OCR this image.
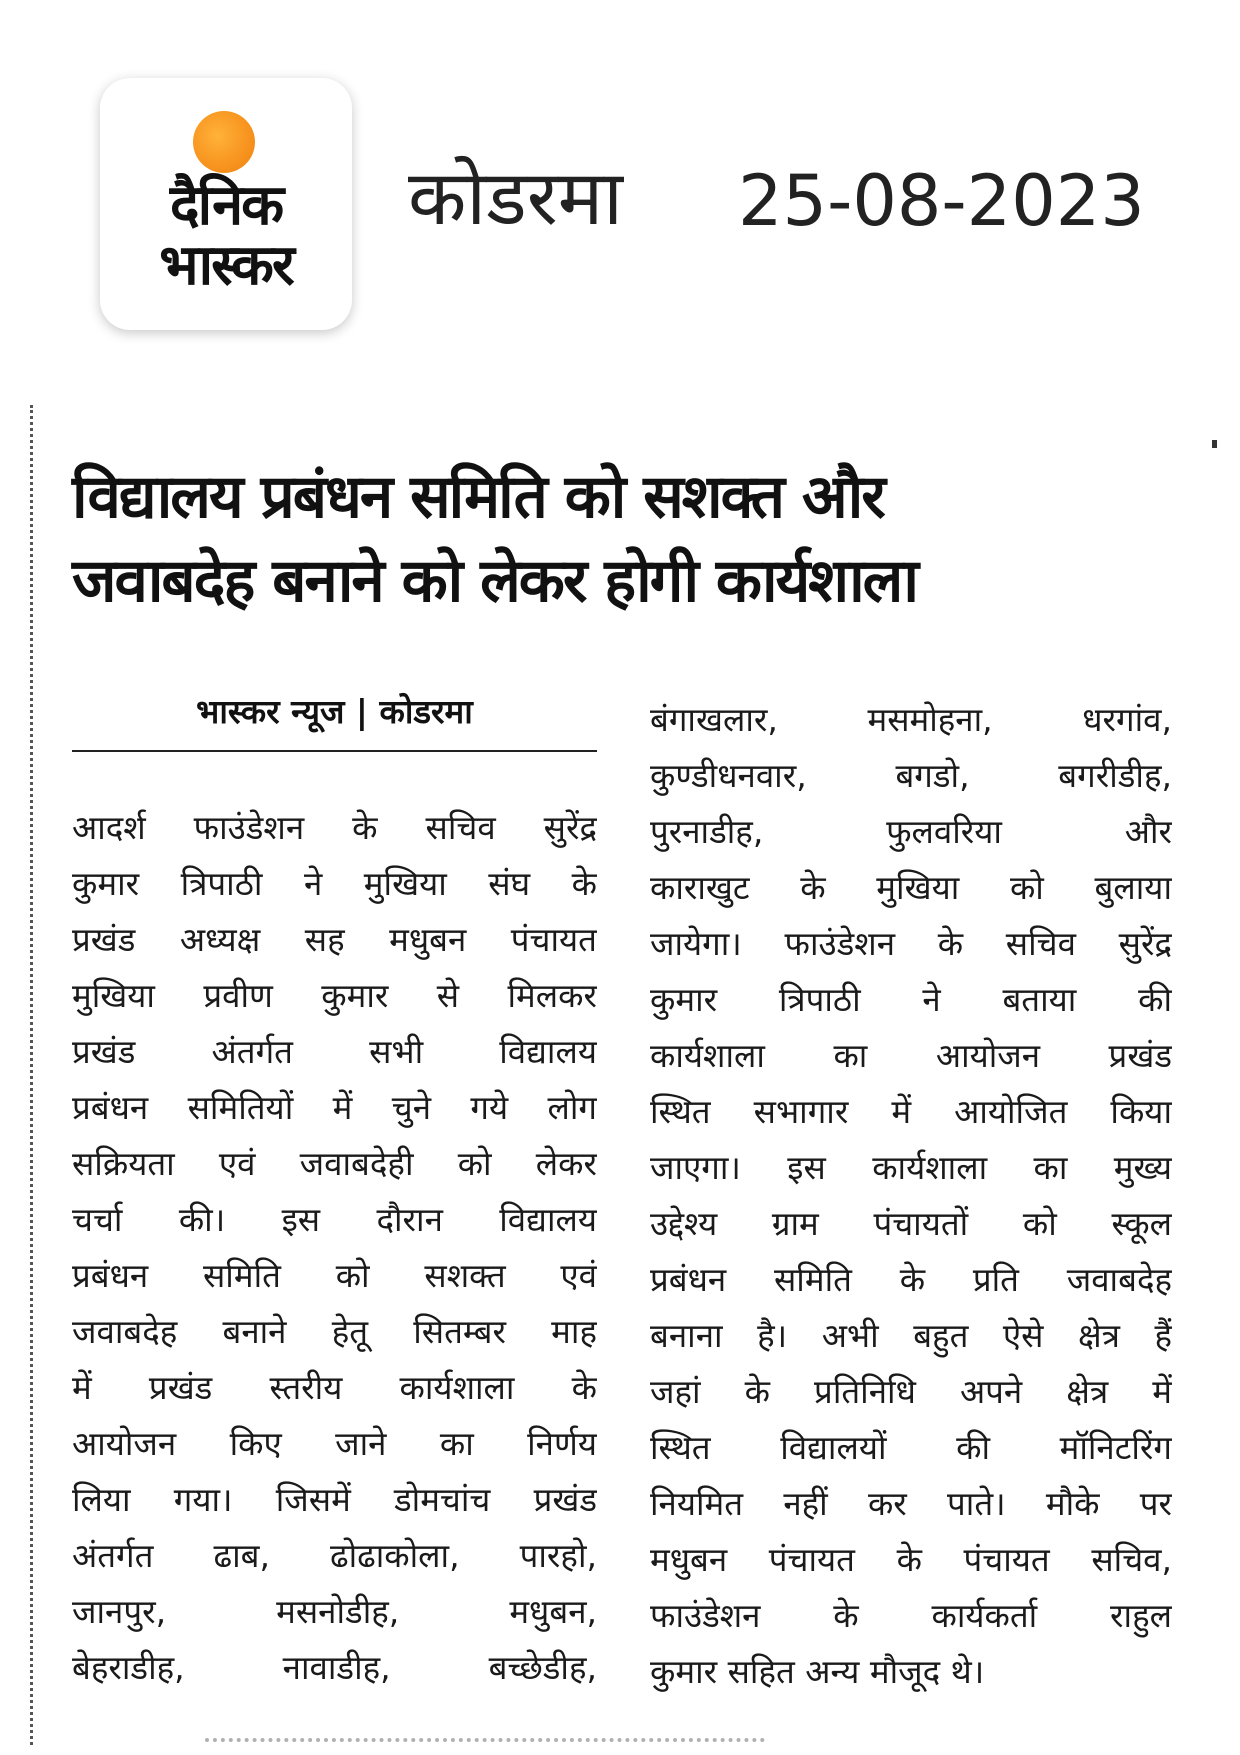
दैनिक
भास्कर
कोडरमा 25-08-2023
विद्यालय प्रबंधन समिति को सशक्त और
जवाबदेह बनाने को लेकर होगी कार्यशाला
भास्कर न्यूज | कोडरमा
आदर्श फाउंडेशन के सचिव सुरेंद्र
कुमार त्रिपाठी ने मुखिया संघ के
प्रखंड अध्यक्ष सह मधुबन पंचायत
मुखिया प्रवीण कुमार से मिलकर
प्रखंड अंतर्गत सभी विद्यालय
प्रबंधन समितियों में चुने गये लोग
सक्रियता एवं जवाबदेही को लेकर
चर्चा की। इस दौरान विद्यालय
प्रबंधन समिति को सशक्त एवं
जवाबदेह बनाने हेतू सितम्बर माह
में प्रखंड स्तरीय कार्यशाला के
आयोजन किए जाने का निर्णय
लिया गया। जिसमें डोमचांच प्रखंड
अंतर्गत ढाब, ढोढाकोला, पारहो,
जानपुर, मसनोडीह, मधुबन,
बेहराडीह, नावाडीह, बच्छेडीह,
बंगाखलार, मसमोहना, धरगांव,
कुण्डीधनवार, बगडो, बगरीडीह,
पुरनाडीह, फुलवरिया और
काराखुट के मुखिया को बुलाया
जायेगा। फाउंडेशन के सचिव सुरेंद्र
कुमार त्रिपाठी ने बताया की
कार्यशाला का आयोजन प्रखंड
स्थित सभागार में आयोजित किया
जाएगा। इस कार्यशाला का मुख्य
उद्देश्य ग्राम पंचायतों को स्कूल
प्रबंधन समिति के प्रति जवाबदेह
बनाना है। अभी बहुत ऐसे क्षेत्र हैं
जहां के प्रतिनिधि अपने क्षेत्र में
स्थित विद्यालयों की मॉनिटरिंग
नियमित नहीं कर पाते। मौके पर
मधुबन पंचायत के पंचायत सचिव,
फाउंडेशन के कार्यकर्ता राहुल
कुमार सहित अन्य मौजूद थे।
